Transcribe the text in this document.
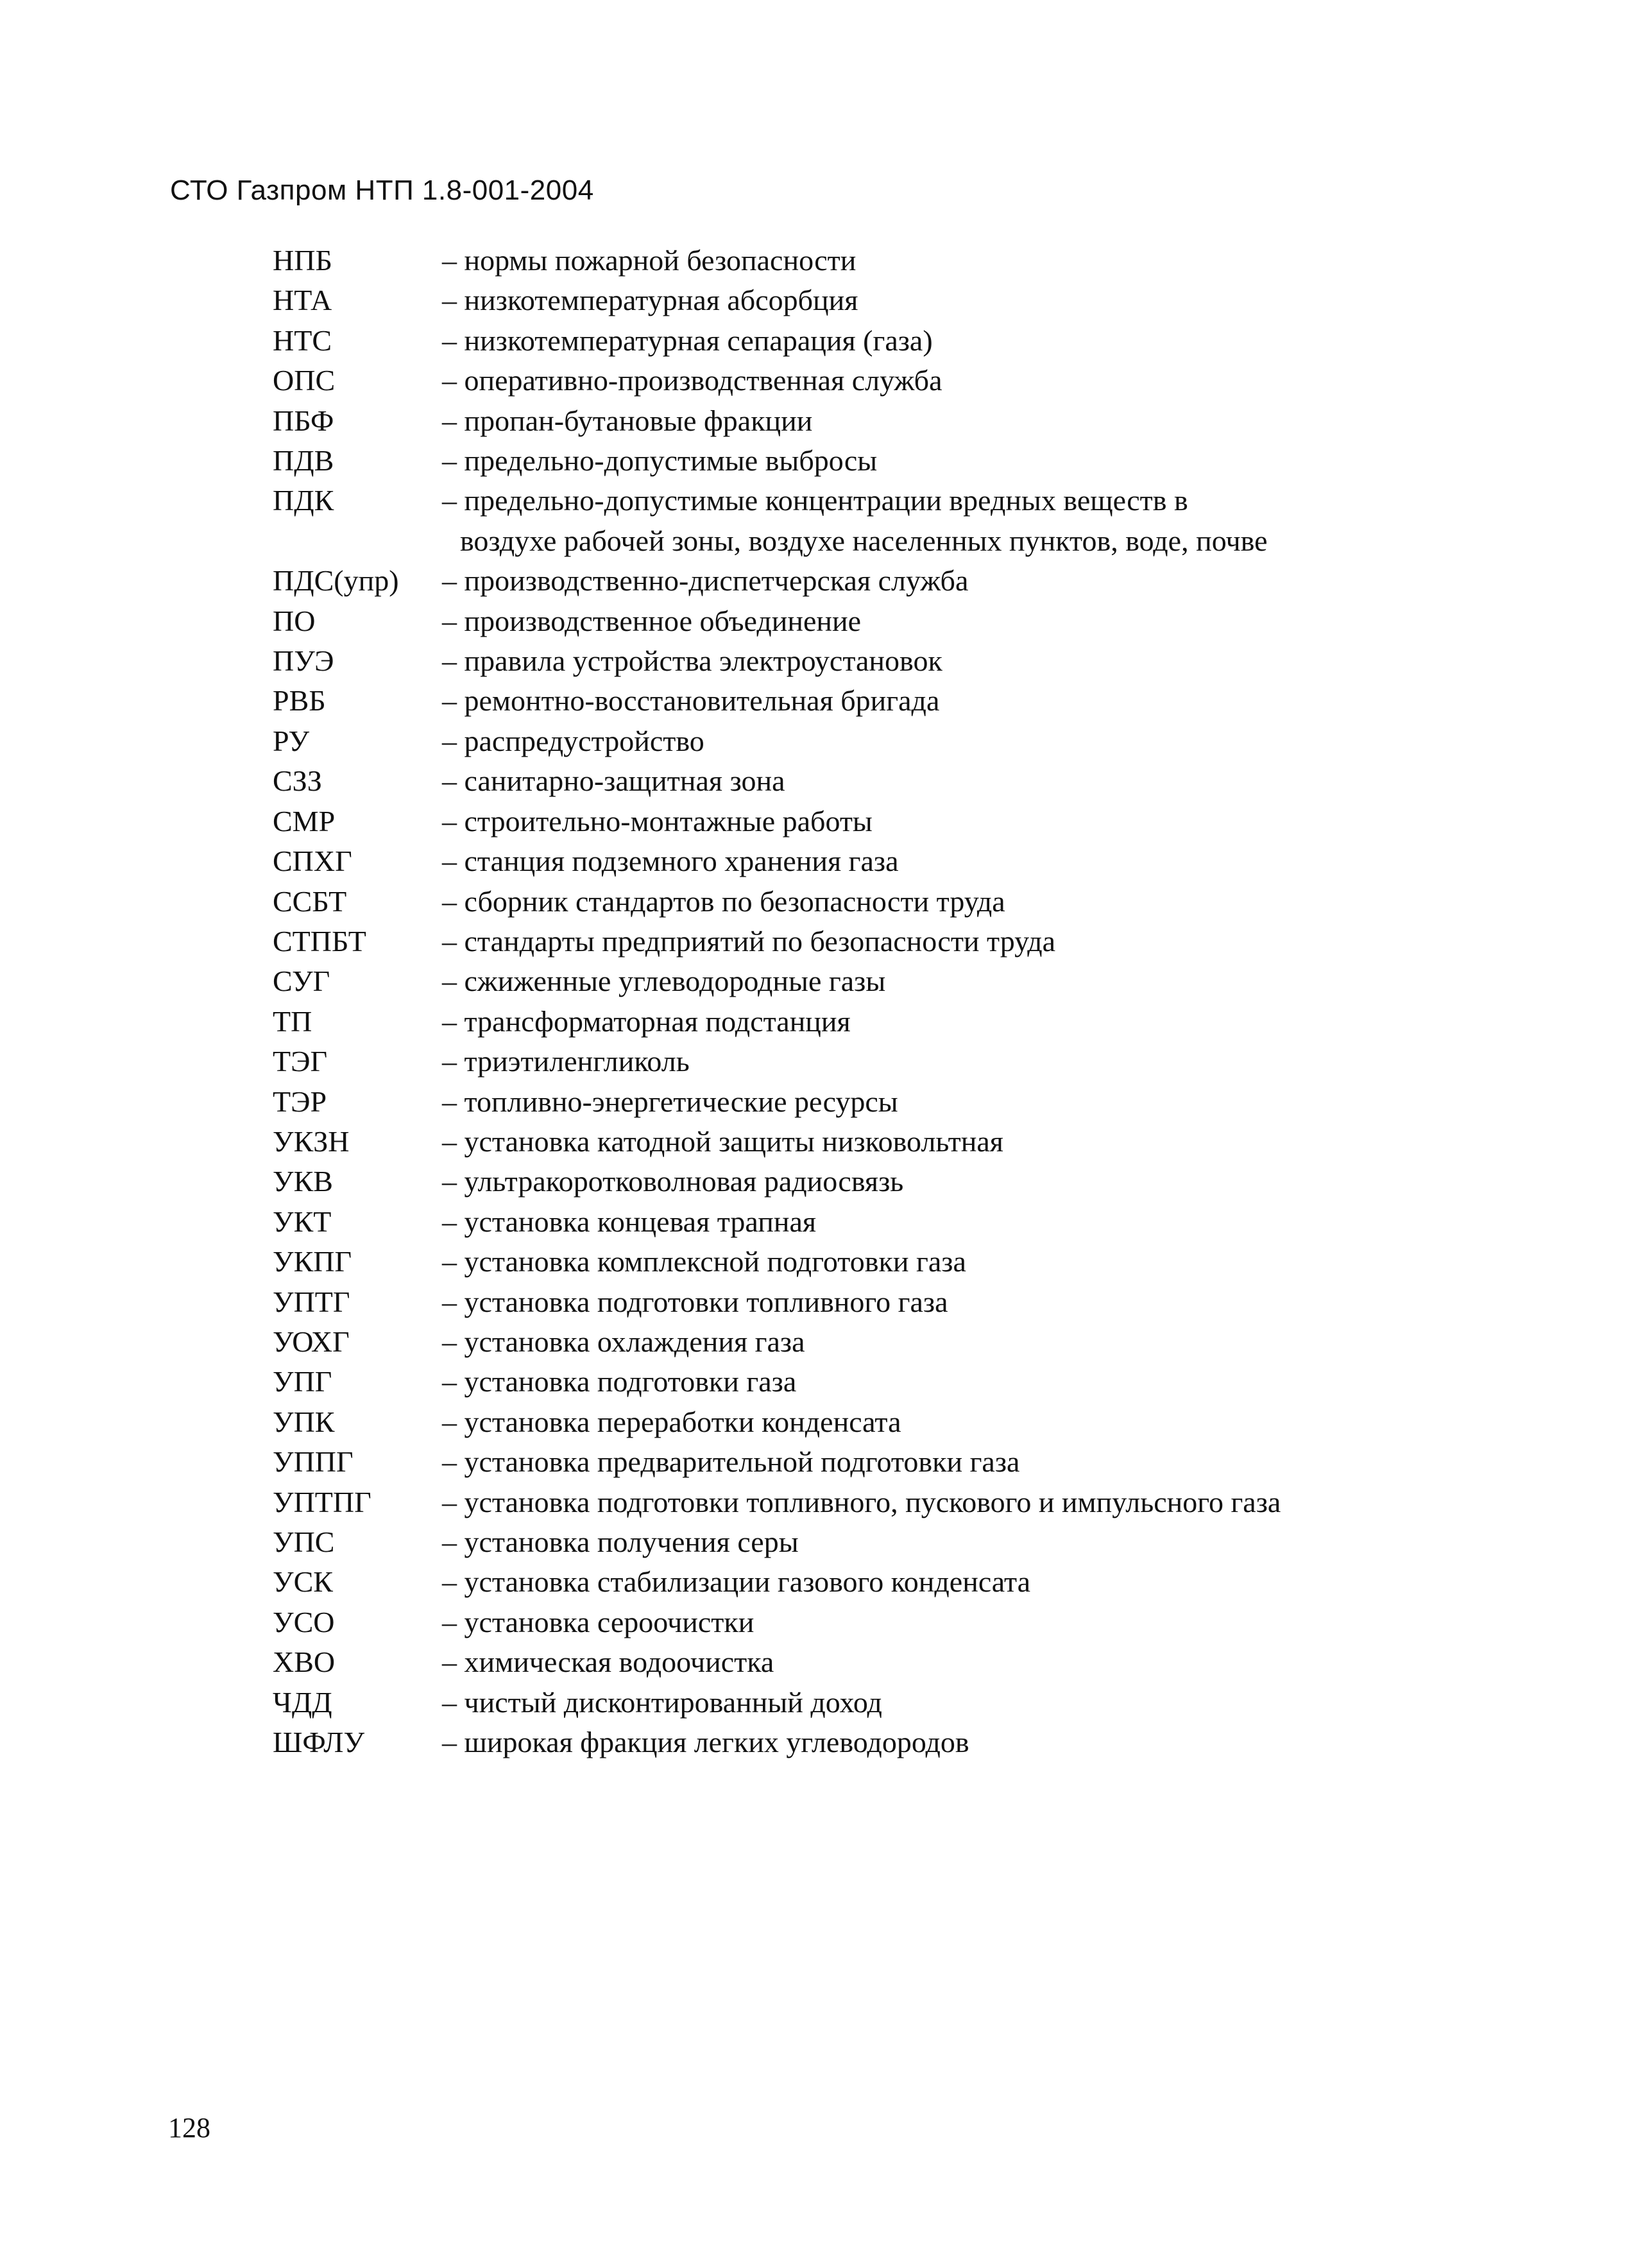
СТО Газпром НТП 1.8-001-2004
НПБ	– нормы пожарной безопасности
НТА	– низкотемпературная абсорбция
НТС	– низкотемпературная сепарация (газа)
ОПС	– оперативно-производственная служба
ПБФ	– пропан-бутановые фракции
ПДВ	– предельно-допустимые выбросы
ПДК	– предельно-допустимые концентрации вредных веществ в
воздухе рабочей зоны, воздухе населенных пунктов, воде, почве
ПДС(упр)	– производственно-диспетчерская служба
ПО	– производственное объединение
ПУЭ	– правила устройства электроустановок
РВБ	– ремонтно-восстановительная бригада
РУ	– распредустройство
СЗЗ	– санитарно-защитная зона
СМР	– строительно-монтажные работы
СПХГ	– станция подземного хранения газа
ССБТ	– сборник стандартов по безопасности труда
СТПБТ	– стандарты предприятий по безопасности труда
СУГ	– сжиженные углеводородные газы
ТП	– трансформаторная подстанция
ТЭГ	– триэтиленгликоль
ТЭР	– топливно-энергетические ресурсы
УКЗН	– установка катодной защиты низковольтная
УКВ	– ультракоротковолновая радиосвязь
УКТ	– установка концевая трапная
УКПГ	– установка комплексной подготовки газа
УПТГ	– установка подготовки топливного газа
УОХГ	– установка охлаждения газа
УПГ	– установка подготовки газа
УПК	– установка переработки конденсата
УППГ	– установка предварительной подготовки газа
УПТПГ	– установка подготовки топливного, пускового и импульсного газа
УПС	– установка получения серы
УСК	– установка стабилизации газового конденсата
УСО	– установка сероочистки
ХВО	– химическая водоочистка
ЧДД	– чистый дисконтированный доход
ШФЛУ	– широкая фракция легких углеводородов
128
